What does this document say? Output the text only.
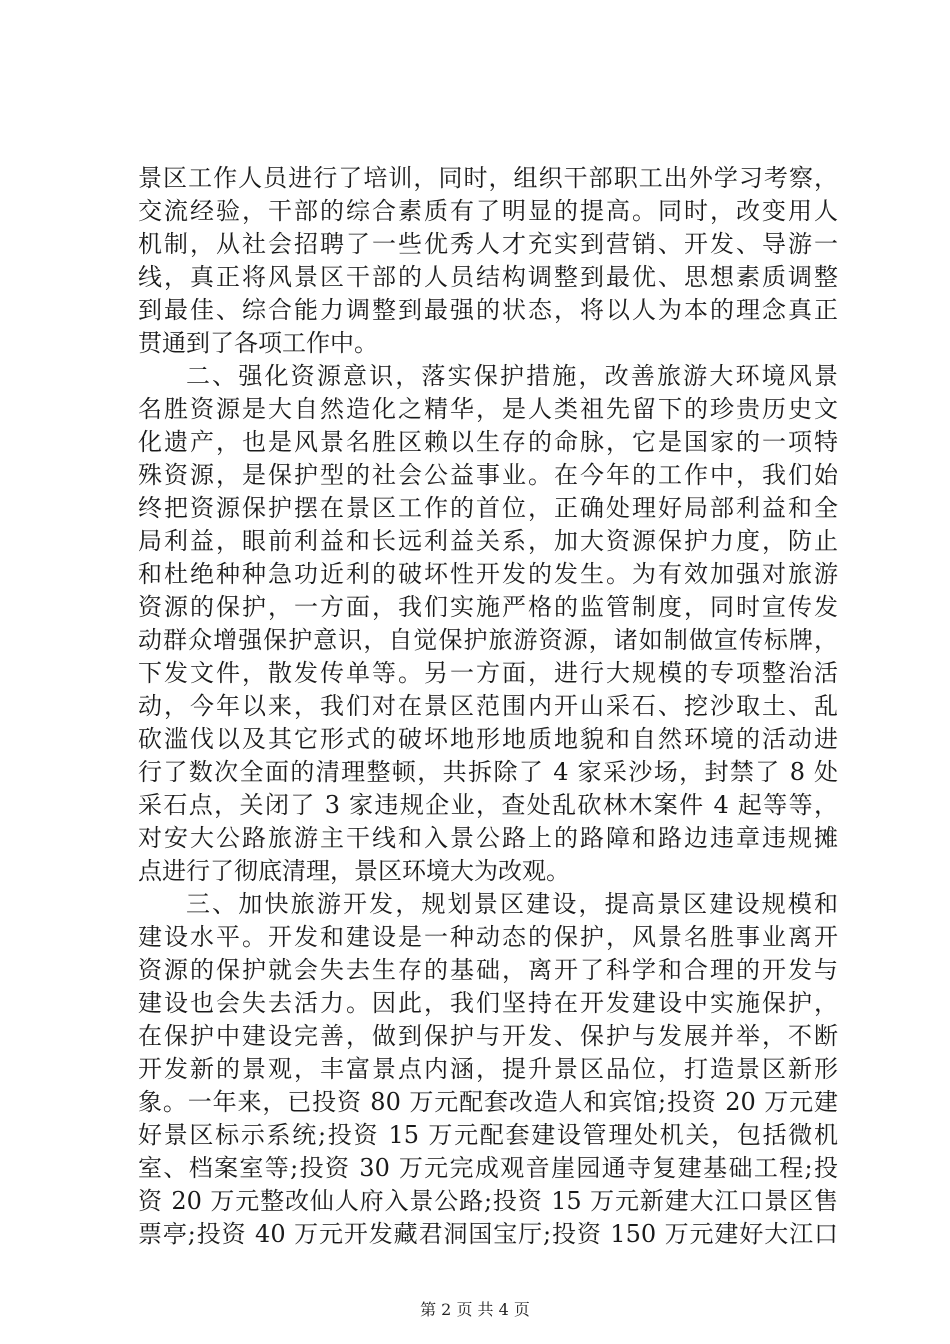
景区工作人员进行了培训，同时，组织干部职工出外学习考察，
交流经验，干部的综合素质有了明显的提高。同时，改变用人
机制，从社会招聘了一些优秀人才充实到营销、开发、导游一
线，真正将风景区干部的人员结构调整到最优、思想素质调整
到最佳、综合能力调整到最强的状态，将以人为本的理念真正
贯通到了各项工作中。
二、强化资源意识，落实保护措施，改善旅游大环境风景
名胜资源是大自然造化之精华，是人类祖先留下的珍贵历史文
化遗产，也是风景名胜区赖以生存的命脉，它是国家的一项特
殊资源，是保护型的社会公益事业。在今年的工作中，我们始
终把资源保护摆在景区工作的首位，正确处理好局部利益和全
局利益，眼前利益和长远利益关系，加大资源保护力度，防止
和杜绝种种急功近利的破坏性开发的发生。为有效加强对旅游
资源的保护，一方面，我们实施严格的监管制度，同时宣传发
动群众增强保护意识，自觉保护旅游资源，诸如制做宣传标牌，
下发文件，散发传单等。另一方面，进行大规模的专项整治活
动，今年以来，我们对在景区范围内开山采石、挖沙取土、乱
砍滥伐以及其它形式的破坏地形地质地貌和自然环境的活动进
行了数次全面的清理整顿，共拆除了 4 家采沙场，封禁了 8 处
采石点，关闭了 3 家违规企业，查处乱砍林木案件 4 起等等，
对安大公路旅游主干线和入景公路上的路障和路边违章违规摊
点进行了彻底清理，景区环境大为改观。
三、加快旅游开发，规划景区建设，提高景区建设规模和
建设水平。开发和建设是一种动态的保护，风景名胜事业离开
资源的保护就会失去生存的基础，离开了科学和合理的开发与
建设也会失去活力。因此，我们坚持在开发建设中实施保护，
在保护中建设完善，做到保护与开发、保护与发展并举，不断
开发新的景观，丰富景点内涵，提升景区品位，打造景区新形
象。一年来，已投资 80 万元配套改造人和宾馆;投资 20 万元建
好景区标示系统;投资 15 万元配套建设管理处机关，包括微机
室、档案室等;投资 30 万元完成观音崖园通寺复建基础工程;投
资 20 万元整改仙人府入景公路;投资 15 万元新建大江口景区售
票亭;投资 40 万元开发藏君洞国宝厅;投资 150 万元建好大江口
第 2 页 共 4 页
